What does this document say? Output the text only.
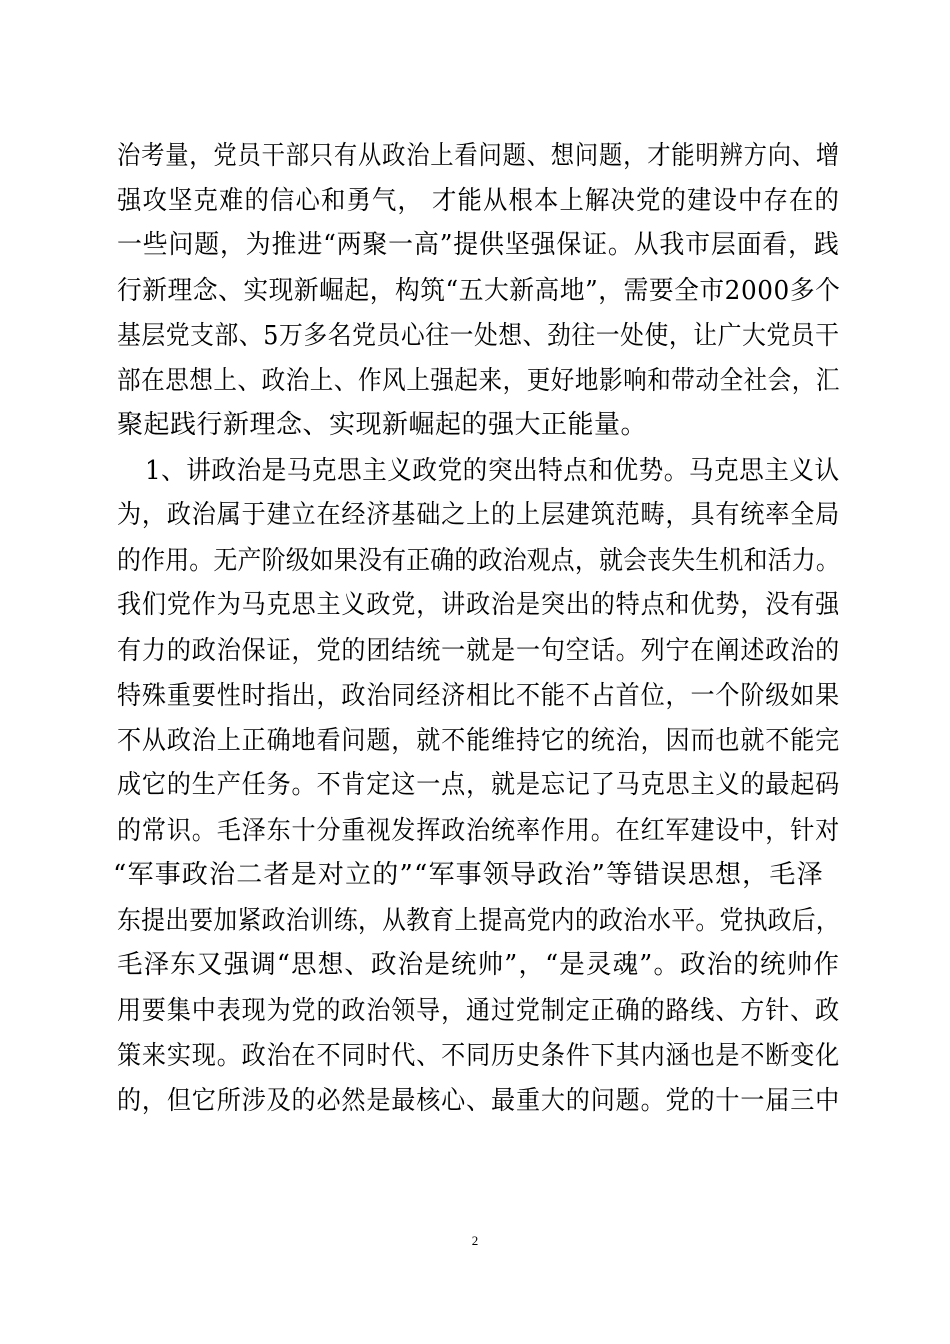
治考量，党员干部只有从政治上看问题、想问题，才能明辨方向、增
强攻坚克难的信心和勇气， 才能从根本上解决党的建设中存在的
一些问题，为推进“两聚一高”提供坚强保证。从我市层面看，践
行新理念、实现新崛起，构筑“五大新高地”，需要全市2000多个
基层党支部、5万多名党员心往一处想、劲往一处使，让广大党员干
部在思想上、政治上、作风上强起来，更好地影响和带动全社会，汇
聚起践行新理念、实现新崛起的强大正能量。
1、讲政治是马克思主义政党的突出特点和优势。马克思主义认
为，政治属于建立在经济基础之上的上层建筑范畴，具有统率全局
的作用。无产阶级如果没有正确的政治观点，就会丧失生机和活力。
我们党作为马克思主义政党，讲政治是突出的特点和优势，没有强
有力的政治保证，党的团结统一就是一句空话。列宁在阐述政治的
特殊重要性时指出，政治同经济相比不能不占首位，一个阶级如果
不从政治上正确地看问题，就不能维持它的统治，因而也就不能完
成它的生产任务。不肯定这一点，就是忘记了马克思主义的最起码
的常识。毛泽东十分重视发挥政治统率作用。在红军建设中，针对
“军事政治二者是对立的”“军事领导政治”等错误思想，毛泽
东提出要加紧政治训练，从教育上提高党内的政治水平。党执政后，
毛泽东又强调“思想、政治是统帅”，“是灵魂”。政治的统帅作
用要集中表现为党的政治领导，通过党制定正确的路线、方针、政
策来实现。政治在不同时代、不同历史条件下其内涵也是不断变化
的，但它所涉及的必然是最核心、最重大的问题。党的十一届三中
2
